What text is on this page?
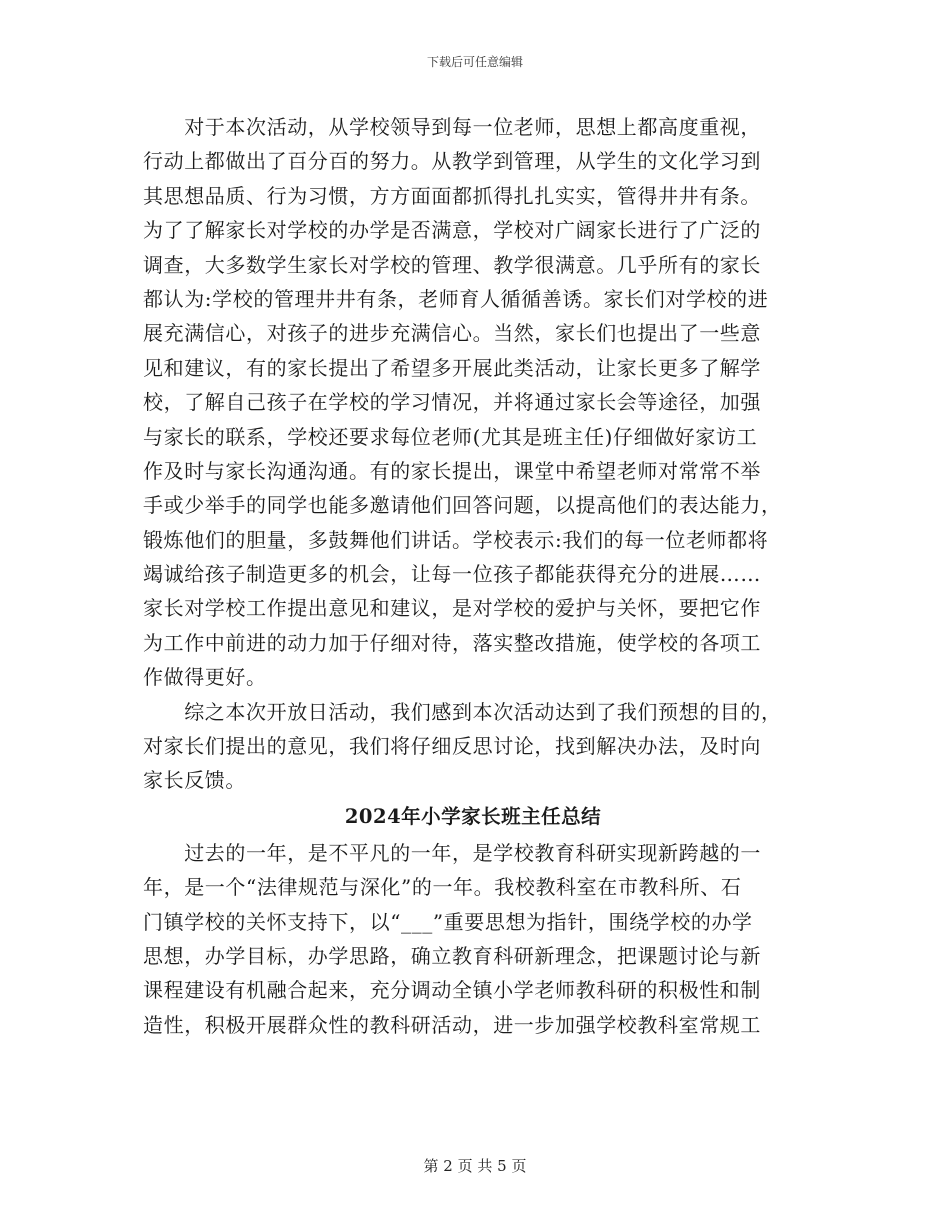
下载后可任意编辑
　　对于本次活动，从学校领导到每一位老师，思想上都高度重视，
行动上都做出了百分百的努力。从教学到管理，从学生的文化学习到
其思想品质、行为习惯，方方面面都抓得扎扎实实，管得井井有条。
为了了解家长对学校的办学是否满意，学校对广阔家长进行了广泛的
调查，大多数学生家长对学校的管理、教学很满意。几乎所有的家长
都认为:学校的管理井井有条，老师育人循循善诱。家长们对学校的进
展充满信心，对孩子的进步充满信心。当然，家长们也提出了一些意
见和建议，有的家长提出了希望多开展此类活动，让家长更多了解学
校，了解自己孩子在学校的学习情况，并将通过家长会等途径，加强
与家长的联系，学校还要求每位老师(尤其是班主任)仔细做好家访工
作及时与家长沟通沟通。有的家长提出，课堂中希望老师对常常不举
手或少举手的同学也能多邀请他们回答问题，以提高他们的表达能力，
锻炼他们的胆量，多鼓舞他们讲话。学校表示:我们的每一位老师都将
竭诚给孩子制造更多的机会，让每一位孩子都能获得充分的进展……
家长对学校工作提出意见和建议，是对学校的爱护与关怀，要把它作
为工作中前进的动力加于仔细对待，落实整改措施，使学校的各项工
作做得更好。
　　综之本次开放日活动，我们感到本次活动达到了我们预想的目的，
对家长们提出的意见，我们将仔细反思讨论，找到解决办法，及时向
家长反馈。
2024年小学家长班主任总结
　　过去的一年，是不平凡的一年，是学校教育科研实现新跨越的一
年，是一个“法律规范与深化”的一年。我校教科室在市教科所、石
门镇学校的关怀支持下，以“___”重要思想为指针，围绕学校的办学
思想，办学目标，办学思路，确立教育科研新理念，把课题讨论与新
课程建设有机融合起来，充分调动全镇小学老师教科研的积极性和制
造性，积极开展群众性的教科研活动，进一步加强学校教科室常规工
第 2 页 共 5 页
